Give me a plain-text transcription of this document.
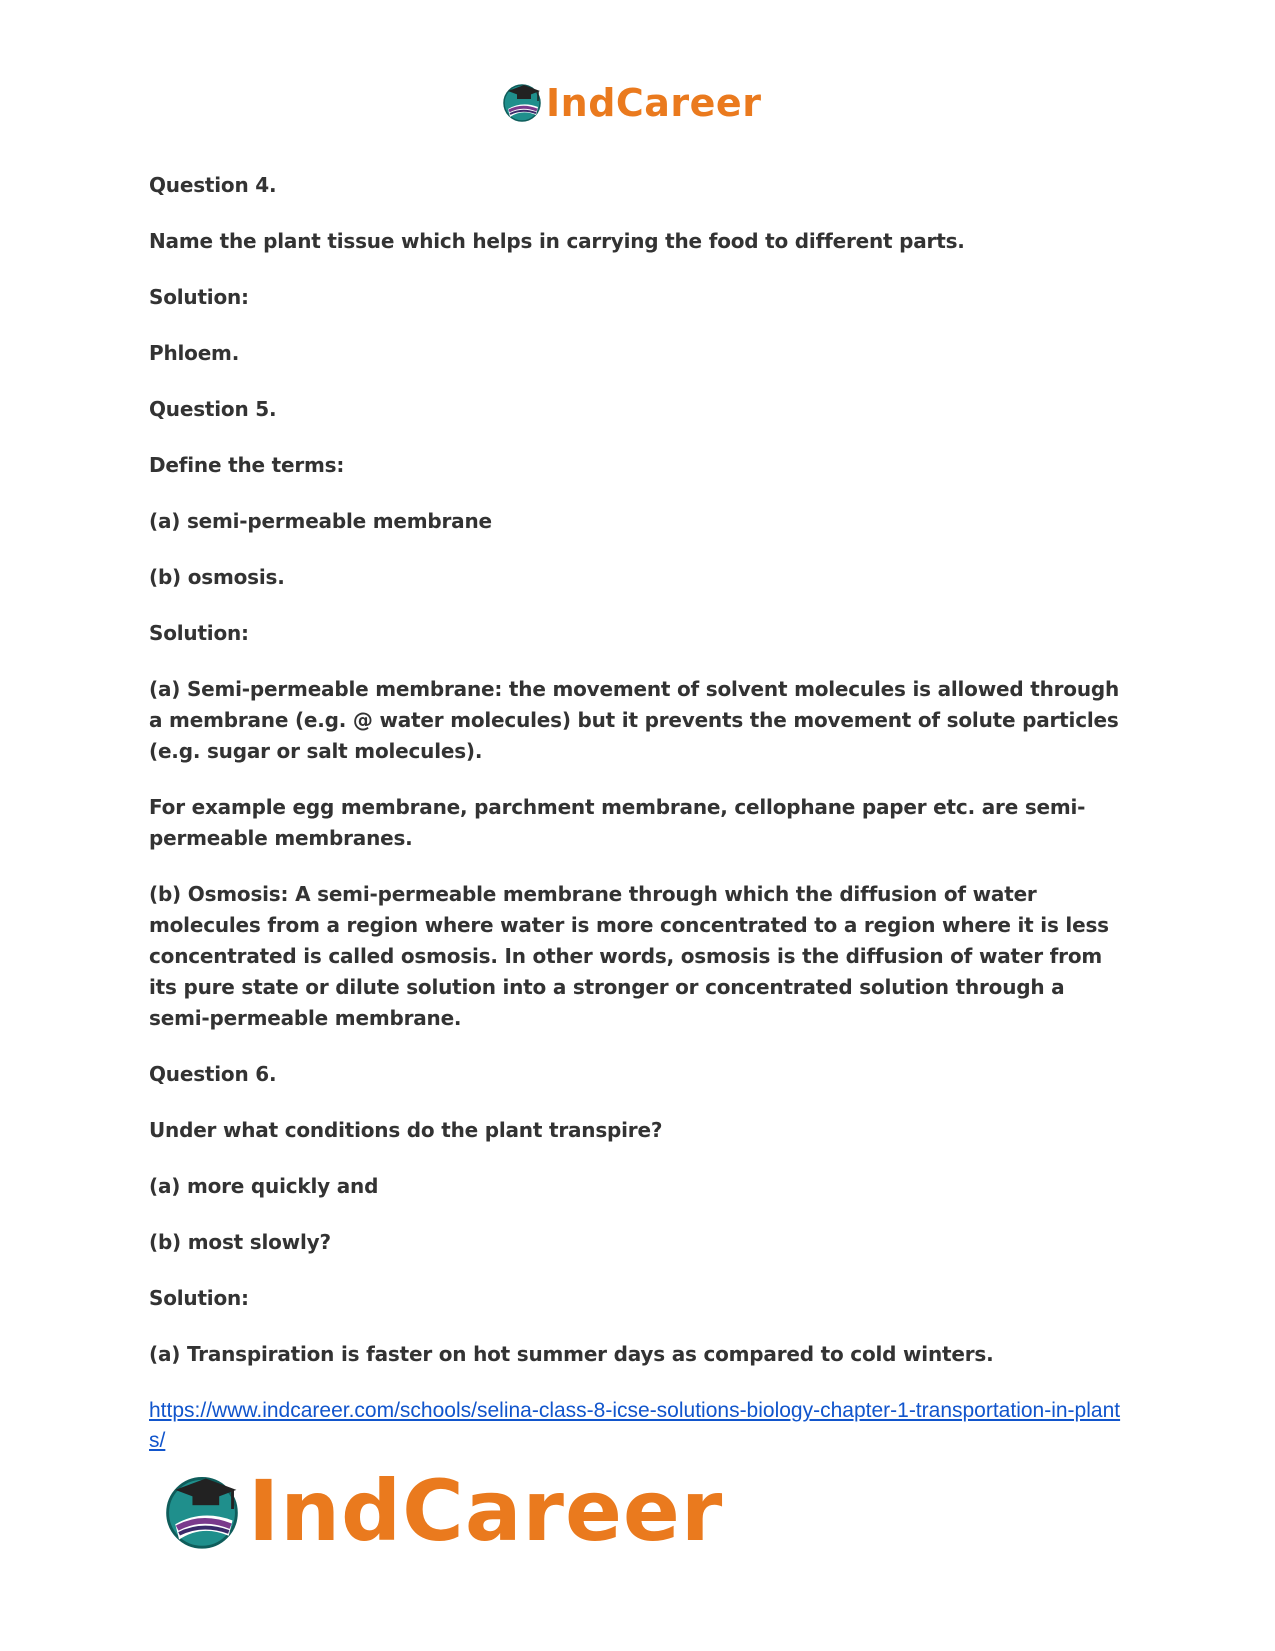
IndCareer

Question 4.

Name the plant tissue which helps in carrying the food to different parts.

Solution:

Phloem.

Question 5.

Define the terms:

(a) semi-permeable membrane

(b) osmosis.

Solution:

(a) Semi-permeable membrane: the movement of solvent molecules is allowed through a membrane (e.g. @ water molecules) but it prevents the movement of solute particles (e.g. sugar or salt molecules).

For example egg membrane, parchment membrane, cellophane paper etc. are semi-permeable membranes.

(b) Osmosis: A semi-permeable membrane through which the diffusion of water molecules from a region where water is more concentrated to a region where it is less concentrated is called osmosis. In other words, osmosis is the diffusion of water from its pure state or dilute solution into a stronger or concentrated solution through a semi-permeable membrane.

Question 6.

Under what conditions do the plant transpire?

(a) more quickly and

(b) most slowly?

Solution:

(a) Transpiration is faster on hot summer days as compared to cold winters.

https://www.indcareer.com/schools/selina-class-8-icse-solutions-biology-chapter-1-transportation-in-plants/
IndCareer
